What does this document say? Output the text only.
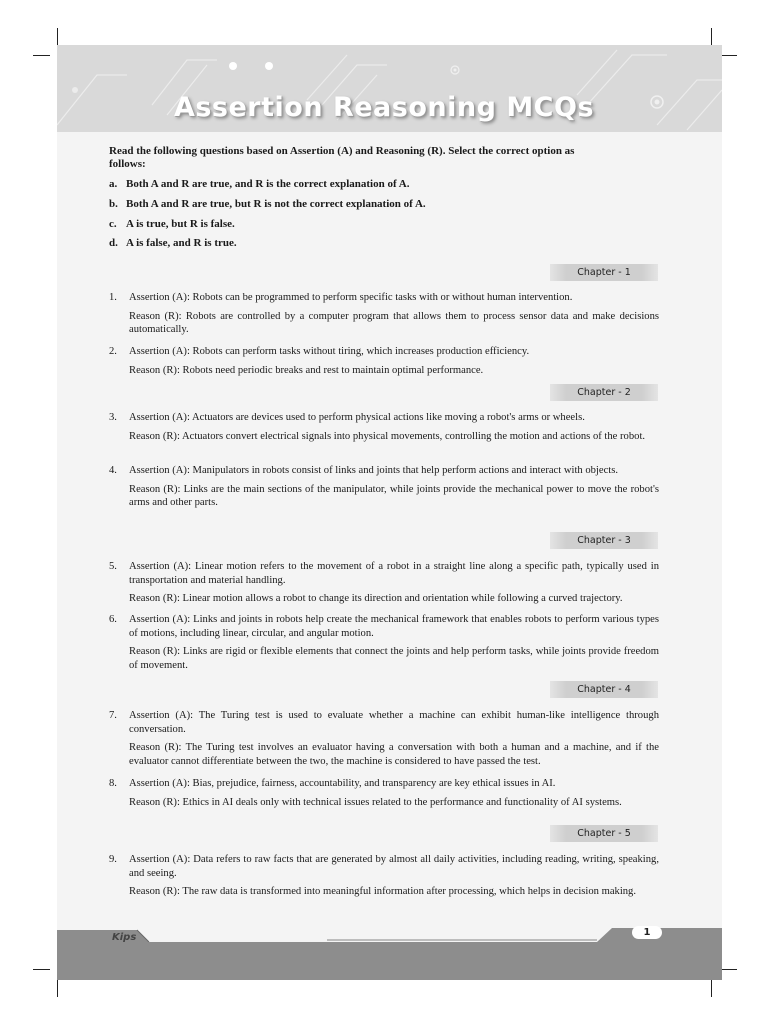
Assertion Reasoning MCQs
Read the following questions based on Assertion (A) and Reasoning (R). Select the correct option as follows:
a. Both A and R are true, and R is the correct explanation of A.
b. Both A and R are true, but R is not the correct explanation of A.
c. A is true, but R is false.
d. A is false, and R is true.
Chapter - 1
1. Assertion (A): Robots can be programmed to perform specific tasks with or without human intervention.
Reason (R): Robots are controlled by a computer program that allows them to process sensor data and make decisions automatically.
2. Assertion (A): Robots can perform tasks without tiring, which increases production efficiency.
Reason (R): Robots need periodic breaks and rest to maintain optimal performance.
Chapter - 2
3. Assertion (A): Actuators are devices used to perform physical actions like moving a robot's arms or wheels.
Reason (R): Actuators convert electrical signals into physical movements, controlling the motion and actions of the robot.
4. Assertion (A): Manipulators in robots consist of links and joints that help perform actions and interact with objects.
Reason (R): Links are the main sections of the manipulator, while joints provide the mechanical power to move the robot's arms and other parts.
Chapter - 3
5. Assertion (A): Linear motion refers to the movement of a robot in a straight line along a specific path, typically used in transportation and material handling.
Reason (R): Linear motion allows a robot to change its direction and orientation while following a curved trajectory.
6. Assertion (A): Links and joints in robots help create the mechanical framework that enables robots to perform various types of motions, including linear, circular, and angular motion.
Reason (R): Links are rigid or flexible elements that connect the joints and help perform tasks, while joints provide freedom of movement.
Chapter - 4
7. Assertion (A): The Turing test is used to evaluate whether a machine can exhibit human-like intelligence through conversation.
Reason (R): The Turing test involves an evaluator having a conversation with both a human and a machine, and if the evaluator cannot differentiate between the two, the machine is considered to have passed the test.
8. Assertion (A): Bias, prejudice, fairness, accountability, and transparency are key ethical issues in AI.
Reason (R): Ethics in AI deals only with technical issues related to the performance and functionality of AI systems.
Chapter - 5
9. Assertion (A): Data refers to raw facts that are generated by almost all daily activities, including reading, writing, speaking, and seeing.
Reason (R): The raw data is transformed into meaningful information after processing, which helps in decision making.
Kips	1
